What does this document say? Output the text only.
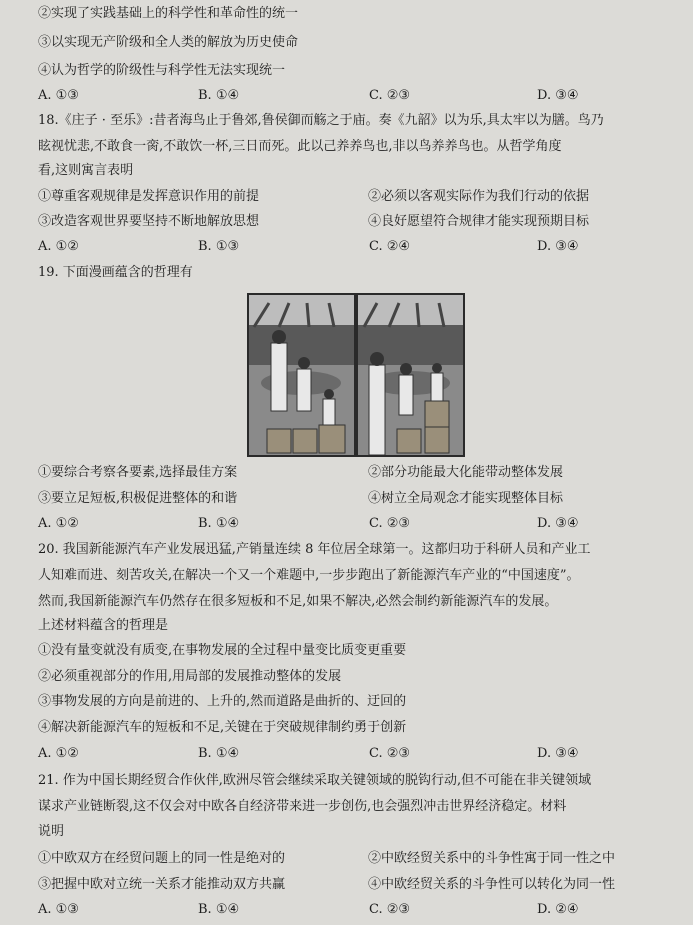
②实现了实践基础上的科学性和革命性的统一

③以实现无产阶级和全人类的解放为历史使命

④认为哲学的阶级性与科学性无法实现统一

A. ①③	B. ①④	C. ②③	D. ③④

18.《庄子 · 至乐》:昔者海鸟止于鲁郊,鲁侯御而觞之于庙。奏《九韶》以为乐,具太牢以为膳。鸟乃

眩视忧悲,不敢食一脔,不敢饮一杯,三日而死。此以己养养鸟也,非以鸟养养鸟也。从哲学角度

看,这则寓言表明

①尊重客观规律是发挥意识作用的前提	②必须以客观实际作为我们行动的依据

③改造客观世界要坚持不断地解放思想	④良好愿望符合规律才能实现预期目标

A. ①②	B. ①③	C. ②④	D. ③④

19. 下面漫画蕴含的哲理有

①要综合考察各要素,选择最佳方案	②部分功能最大化能带动整体发展

③要立足短板,积极促进整体的和谐	④树立全局观念才能实现整体目标

A. ①②	B. ①④	C. ②③	D. ③④

20. 我国新能源汽车产业发展迅猛,产销量连续 8 年位居全球第一。这都归功于科研人员和产业工

人知难而进、刻苦攻关,在解决一个又一个难题中,一步步跑出了新能源汽车产业的“中国速度”。

然而,我国新能源汽车仍然存在很多短板和不足,如果不解决,必然会制约新能源汽车的发展。

上述材料蕴含的哲理是

①没有量变就没有质变,在事物发展的全过程中量变比质变更重要

②必须重视部分的作用,用局部的发展推动整体的发展

③事物发展的方向是前进的、上升的,然而道路是曲折的、迂回的

④解决新能源汽车的短板和不足,关键在于突破规律制约勇于创新

A. ①②	B. ①④	C. ②③	D. ③④

21. 作为中国长期经贸合作伙伴,欧洲尽管会继续采取关键领域的脱钩行动,但不可能在非关键领域

谋求产业链断裂,这不仅会对中欧各自经济带来进一步创伤,也会强烈冲击世界经济稳定。材料

说明

①中欧双方在经贸问题上的同一性是绝对的	②中欧经贸关系中的斗争性寓于同一性之中

③把握中欧对立统一关系才能推动双方共赢	④中欧经贸关系的斗争性可以转化为同一性

A. ①③	B. ①④	C. ②③	D. ②④
